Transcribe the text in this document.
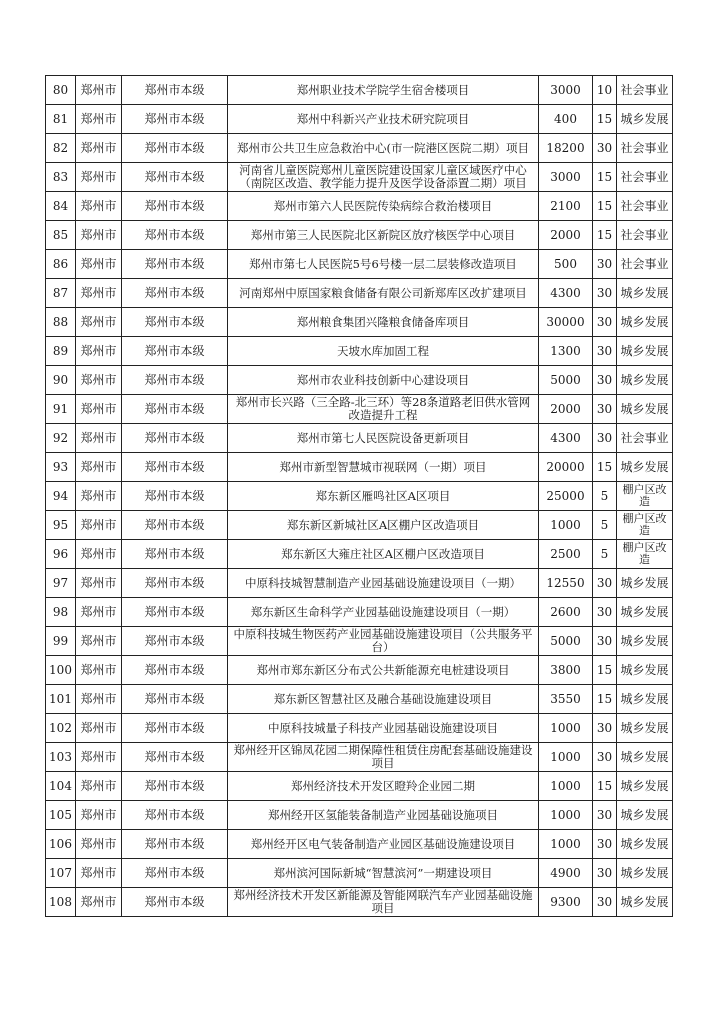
80	郑州市	郑州市本级	郑州职业技术学院学生宿舍楼项目	3000	10	社会事业
81	郑州市	郑州市本级	郑州中科新兴产业技术研究院项目	400	15	城乡发展
82	郑州市	郑州市本级	郑州市公共卫生应急救治中心(市一院港区医院二期）项目	18200	30	社会事业
83	郑州市	郑州市本级	河南省儿童医院郑州儿童医院建设国家儿童区域医疗中心（南院区改造、教学能力提升及医学设备添置二期）项目	3000	15	社会事业
84	郑州市	郑州市本级	郑州市第六人民医院传染病综合救治楼项目	2100	15	社会事业
85	郑州市	郑州市本级	郑州市第三人民医院北区新院区放疗核医学中心项目	2000	15	社会事业
86	郑州市	郑州市本级	郑州市第七人民医院5号6号楼一层二层装修改造项目	500	30	社会事业
87	郑州市	郑州市本级	河南郑州中原国家粮食储备有限公司新郑库区改扩建项目	4300	30	城乡发展
88	郑州市	郑州市本级	郑州粮食集团兴隆粮食储备库项目	30000	30	城乡发展
89	郑州市	郑州市本级	天坡水库加固工程	1300	30	城乡发展
90	郑州市	郑州市本级	郑州市农业科技创新中心建设项目	5000	30	城乡发展
91	郑州市	郑州市本级	郑州市长兴路（三全路-北三环）等28条道路老旧供水管网改造提升工程	2000	30	城乡发展
92	郑州市	郑州市本级	郑州市第七人民医院设备更新项目	4300	30	社会事业
93	郑州市	郑州市本级	郑州市新型智慧城市视联网（一期）项目	20000	15	城乡发展
94	郑州市	郑州市本级	郑东新区雁鸣社区A区项目	25000	5	棚户区改造
95	郑州市	郑州市本级	郑东新区新城社区A区棚户区改造项目	1000	5	棚户区改造
96	郑州市	郑州市本级	郑东新区大雍庄社区A区棚户区改造项目	2500	5	棚户区改造
97	郑州市	郑州市本级	中原科技城智慧制造产业园基础设施建设项目（一期）	12550	30	城乡发展
98	郑州市	郑州市本级	郑东新区生命科学产业园基础设施建设项目（一期）	2600	30	城乡发展
99	郑州市	郑州市本级	中原科技城生物医药产业园基础设施建设项目（公共服务平台）	5000	30	城乡发展
100	郑州市	郑州市本级	郑州市郑东新区分布式公共新能源充电桩建设项目	3800	15	城乡发展
101	郑州市	郑州市本级	郑东新区智慧社区及融合基础设施建设项目	3550	15	城乡发展
102	郑州市	郑州市本级	中原科技城量子科技产业园基础设施建设项目	1000	30	城乡发展
103	郑州市	郑州市本级	郑州经开区锦凤花园二期保障性租赁住房配套基础设施建设项目	1000	30	城乡发展
104	郑州市	郑州市本级	郑州经济技术开发区瞪羚企业园二期	1000	15	城乡发展
105	郑州市	郑州市本级	郑州经开区氢能装备制造产业园基础设施项目	1000	30	城乡发展
106	郑州市	郑州市本级	郑州经开区电气装备制造产业园区基础设施建设项目	1000	30	城乡发展
107	郑州市	郑州市本级	郑州滨河国际新城“智慧滨河”一期建设项目	4900	30	城乡发展
108	郑州市	郑州市本级	郑州经济技术开发区新能源及智能网联汽车产业园基础设施项目	9300	30	城乡发展
